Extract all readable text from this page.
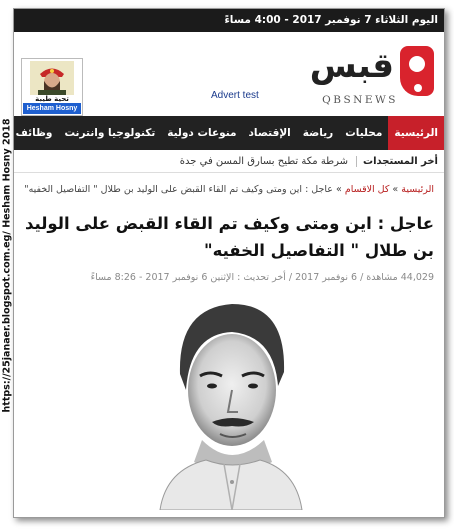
https://25janaer.blogspot.com.eg/ Hesham Hosny 2018
اليوم الثلاثاء 7 نوفمبر 2017 - 4:00 مساءً
قبس
QBSNEWS
Advert test
تحية طيبة
Hesham Hosny
الرئيسية
محليات
رياضة
الإقتصاد
منوعات دولية
تكنولوجيا وانترنت
وظائف
أخر المستجدات
شرطة مكة تطيح بسارق المسن في جدة
الرئيسية » كل الاقسام » عاجل : اين ومتى وكيف تم القاء القبض على الوليد بن طلال " التفاصيل الخفيه"
عاجل : اين ومتى وكيف تم القاء القبض على الوليد بن طلال " التفاصيل الخفيه"
44,029 مشاهدة / 6 نوفمبر 2017 / أخر تحديث : الإثنين 6 نوفمبر 2017 - 8:26 مساءً
